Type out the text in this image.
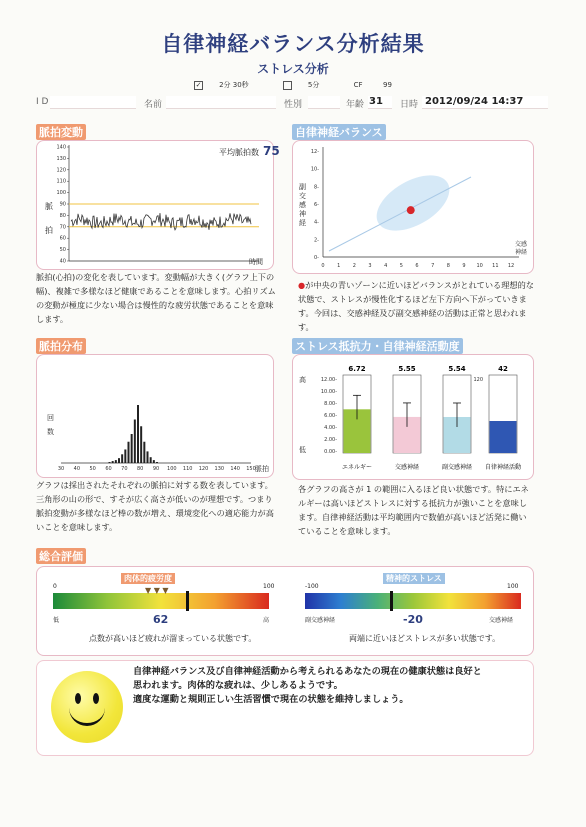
自律神経バランス分析結果
ストレス分析
✓	2分 30秒	5分	CF	99
I D	名前	性別	年齢 31 日時 2012/09/24 14:37
脈拍変動
140
130
120
110
100
90
80
70
60
50
40
平均脈拍数 75
脈
拍
時間
脈拍(心拍)の変化を表しています。変動幅が大きく(グラフ上下の幅)、複雑で多様なほど健康であることを意味します。心拍リズムの変動が極度に少ない場合は慢性的な疲労状態であることを意味します。
自律神経バランス
0 1 2 3 4 5 6 7 8 9 10 11 12
0-
2-
4-
6-
8-
10-
12-
副交感神経
交感神経
●が中央の青いゾーンに近いほどバランスがとれている理想的な状態で、ストレスが慢性化するほど左下方向へ下がっていきます。今回は、交感神経及び副交感神経の活動は正常と思われます。
脈拍分布
30 40 50 60 70 80 90 100 110 120 130 140 150
回
数
脈拍
グラフは採出されたそれぞれの脈拍に対する数を表しています。三角形の山の形で、すそが広く高さが低いのが理想です。つまり脈拍変動が多様なほど棒の数が増え、環境変化への適応能力が高いことを意味します。
ストレス抵抗力・自律神経活動度
12.00-
10.00-
8.00-
6.00-
4.00-
2.00-
0.00-
6.72
エネルギー
5.55
交感神経
5.54
副交感神経
42
自律神経活動
120
高
低
各グラフの高さが 1 の範囲に入るほど良い状態です。特にエネルギーは高いほどストレスに対する抵抗力が強いことを意味します。自律神経活動は平均範囲内で数値が高いほど活発に働いていることを意味します。
総合評価
肉体的疲労度
0	100
▼ ▼ ▼
低	高
62
点数が高いほど疲れが溜まっている状態です。
精神的ストレス
-100	100
副交感神経	交感神経
-20
両端に近いほどストレスが多い状態です。
自律神経バランス及び自律神経活動から考えられるあなたの現在の健康状態は良好と
思われます。肉体的な疲れは、少しあるようです。
適度な運動と規則正しい生活習慣で現在の状態を維持しましょう。
